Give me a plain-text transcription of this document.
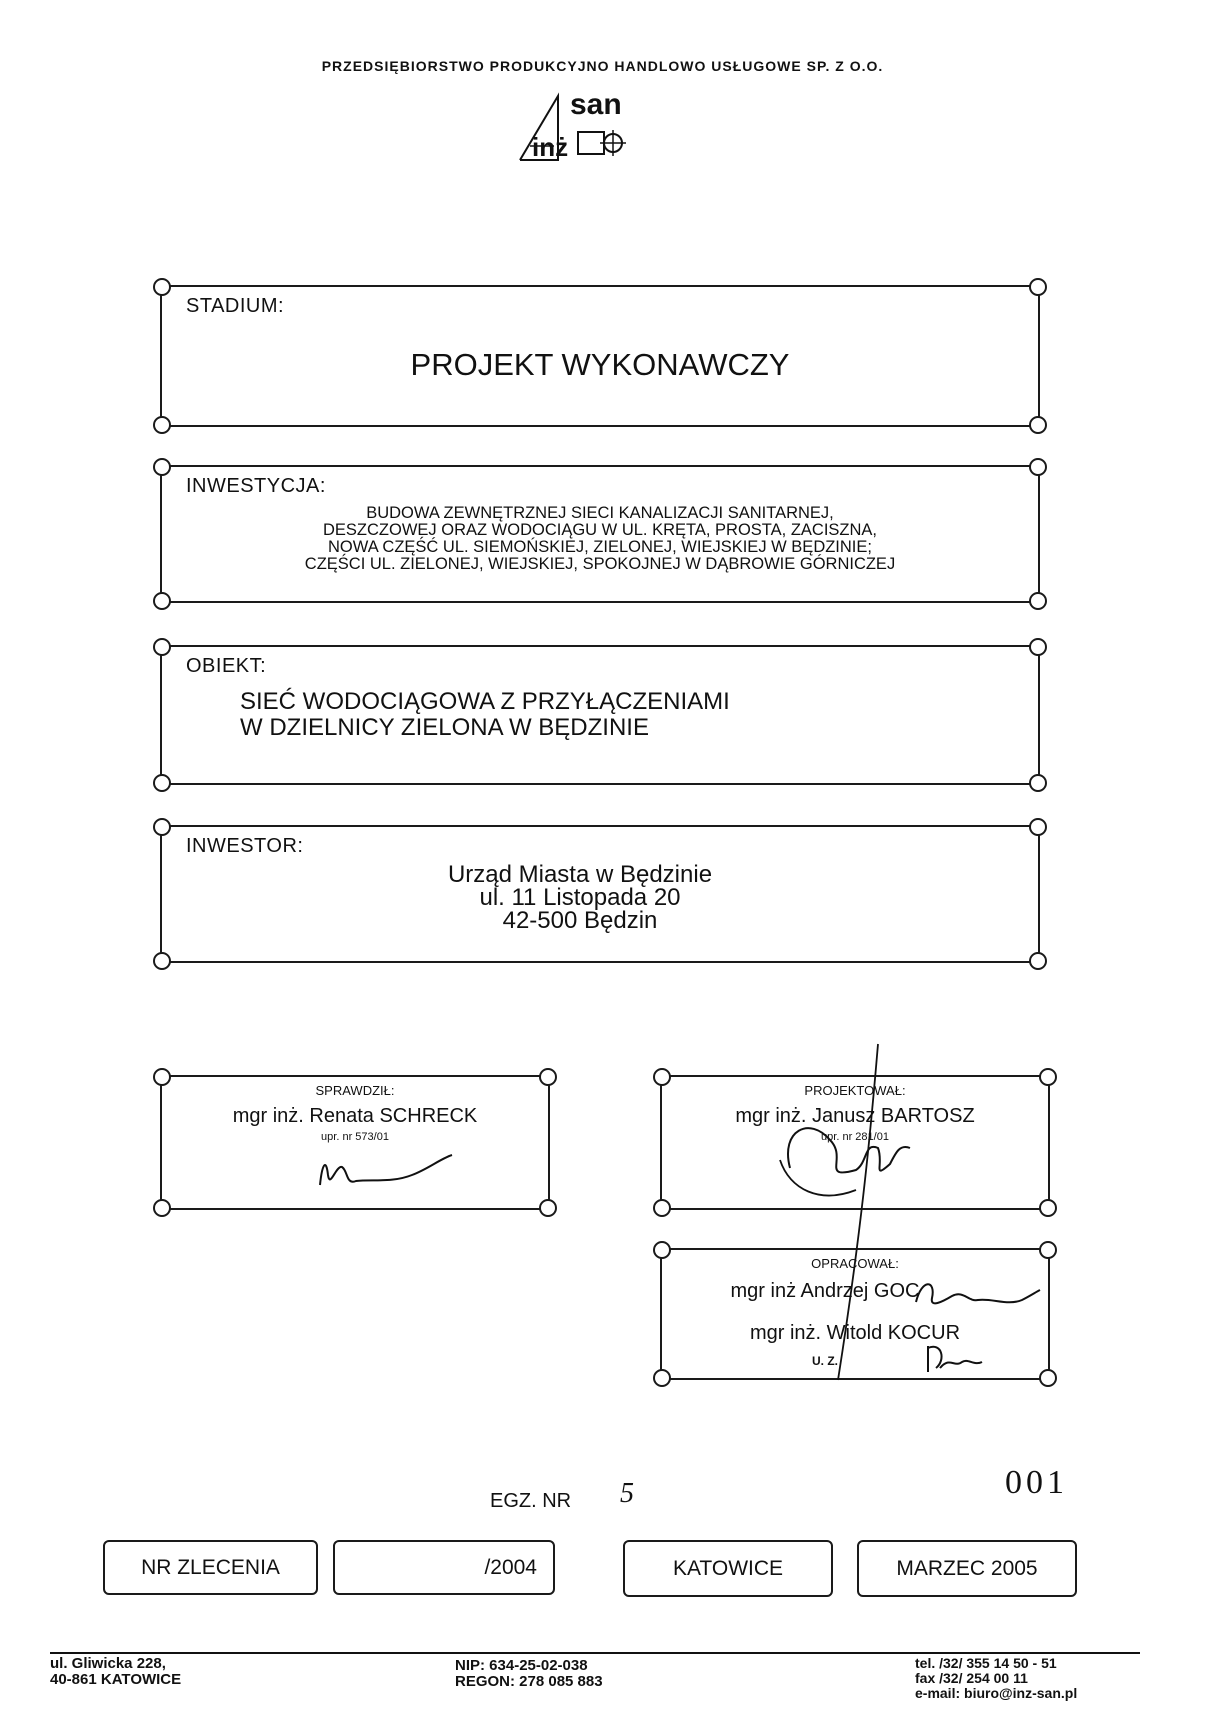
PRZEDSIĘBIORSTWO PRODUKCYJNO HANDLOWO USŁUGOWE SP. Z O.O.
san
inż
STADIUM:
PROJEKT WYKONAWCZY
INWESTYCJA:
BUDOWA ZEWNĘTRZNEJ SIECI KANALIZACJI SANITARNEJ,
DESZCZOWEJ ORAZ WODOCIĄGU W UL. KRĘTA, PROSTA, ZACISZNA,
NOWA CZĘŚĆ UL. SIEMOŃSKIEJ, ZIELONEJ, WIEJSKIEJ W BĘDZINIE;
CZĘŚCI UL. ZIELONEJ, WIEJSKIEJ, SPOKOJNEJ W DĄBROWIE GÓRNICZEJ
OBIEKT:
SIEĆ WODOCIĄGOWA Z PRZYŁĄCZENIAMI
W DZIELNICY ZIELONA W BĘDZINIE
INWESTOR:
Urząd Miasta w Będzinie
ul. 11 Listopada 20
42-500 Będzin
SPRAWDZIŁ:
mgr inż. Renata SCHRECK
upr. nr 573/01
PROJEKTOWAŁ:
mgr inż. Janusz BARTOSZ
upr. nr 281/01
OPRACOWAŁ:
mgr inż Andrzej GOC
mgr inż. Witold KOCUR
U. Z.
EGZ. NR 5	001
NR ZLECENIA	/2004	KATOWICE	MARZEC 2005
ul. Gliwicka 228,
40-861 KATOWICE
NIP: 634-25-02-038
REGON: 278 085 883
tel. /32/ 355 14 50 - 51
fax /32/ 254 00 11
e-mail: biuro@inz-san.pl
